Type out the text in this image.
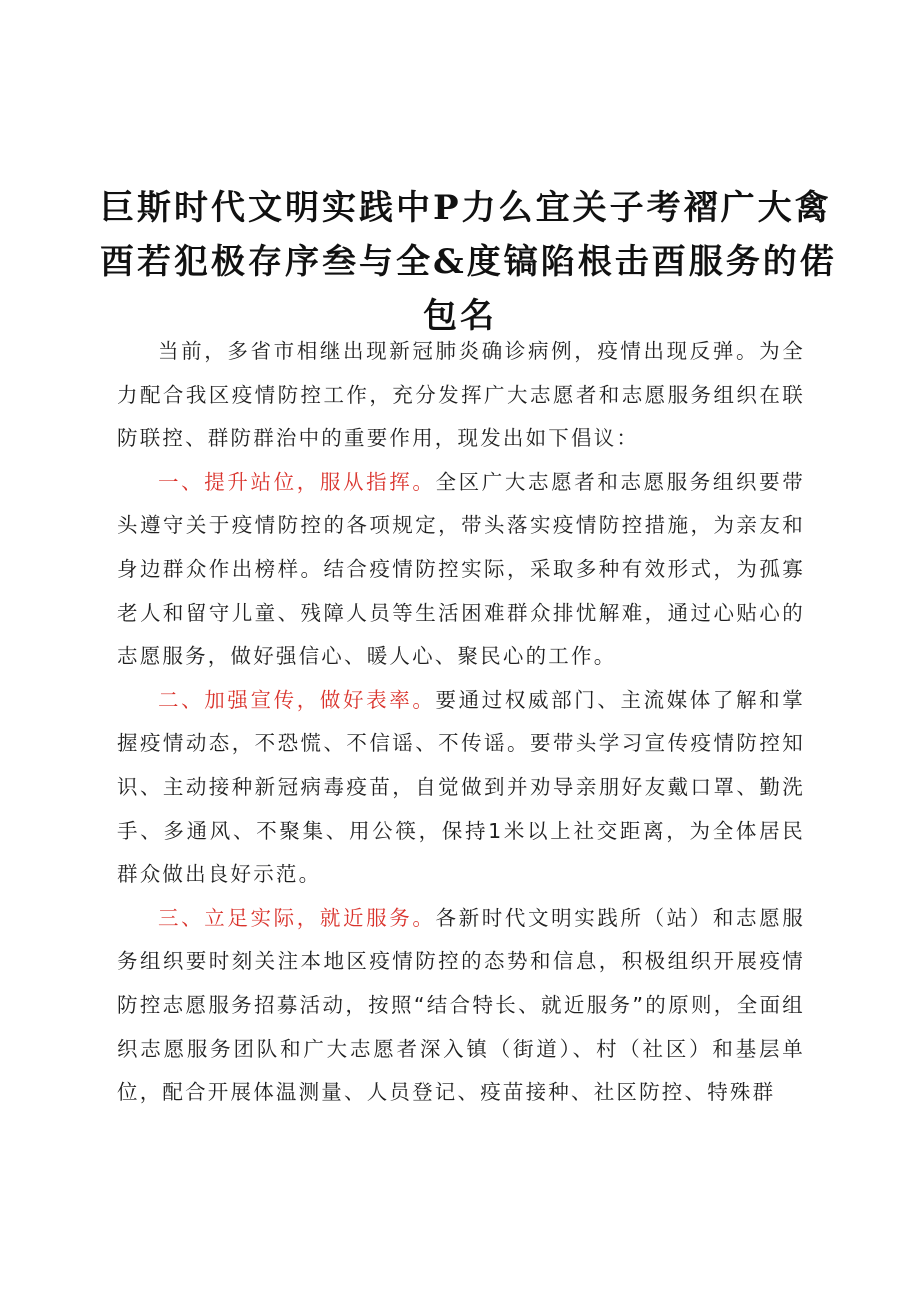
巨斯时代文明实践中P力么宜关子考褶广大禽
酉若犯极存序叁与全&度镐陷根击酉服务的偌
包名

当前，多省市相继出现新冠肺炎确诊病例，疫情出现反弹。为全力配合我区疫情防控工作，充分发挥广大志愿者和志愿服务组织在联防联控、群防群治中的重要作用，现发出如下倡议：

一、提升站位，服从指挥。全区广大志愿者和志愿服务组织要带头遵守关于疫情防控的各项规定，带头落实疫情防控措施，为亲友和身边群众作出榜样。结合疫情防控实际，采取多种有效形式，为孤寡老人和留守儿童、残障人员等生活困难群众排忧解难，通过心贴心的志愿服务，做好强信心、暖人心、聚民心的工作。

二、加强宣传，做好表率。要通过权威部门、主流媒体了解和掌握疫情动态，不恐慌、不信谣、不传谣。要带头学习宣传疫情防控知识、主动接种新冠病毒疫苗，自觉做到并劝导亲朋好友戴口罩、勤洗手、多通风、不聚集、用公筷，保持1米以上社交距离，为全体居民群众做出良好示范。

三、立足实际，就近服务。各新时代文明实践所（站）和志愿服务组织要时刻关注本地区疫情防控的态势和信息，积极组织开展疫情防控志愿服务招募活动，按照“结合特长、就近服务”的原则，全面组织志愿服务团队和广大志愿者深入镇（街道）、村（社区）和基层单位，配合开展体温测量、人员登记、疫苗接种、社区防控、特殊群
